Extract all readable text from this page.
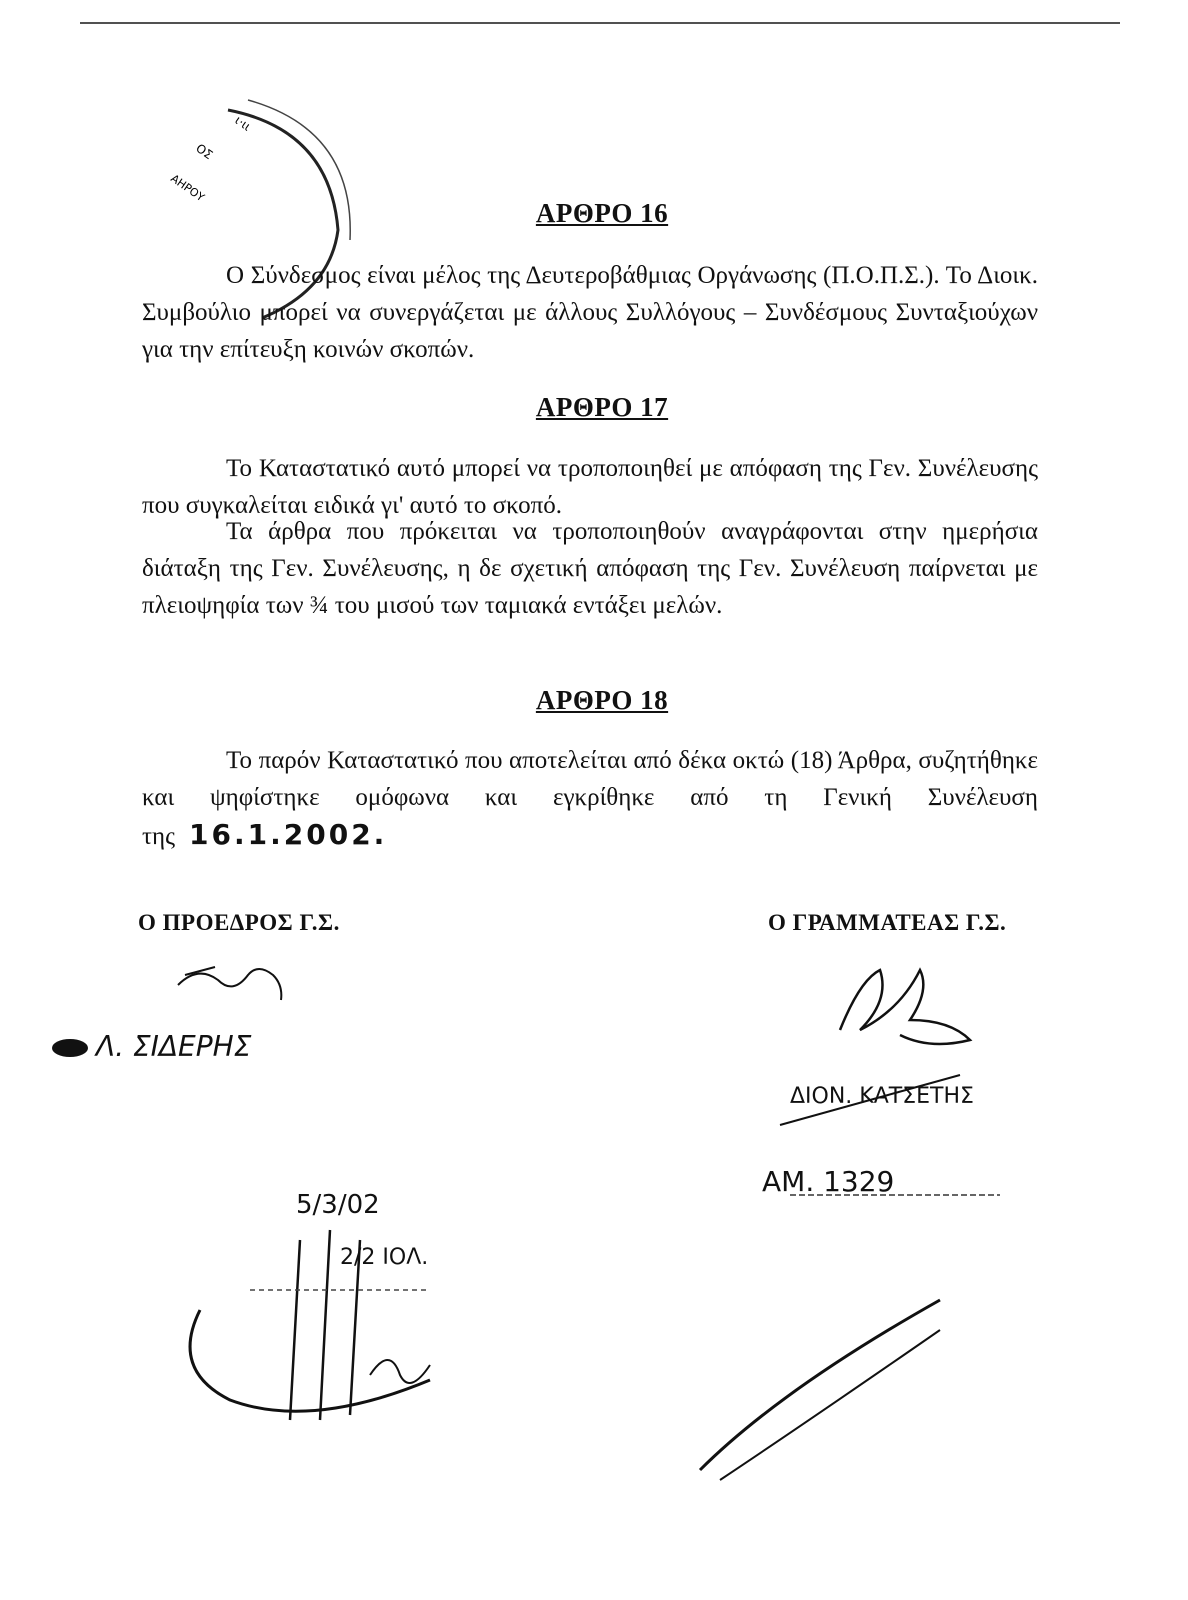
ΟΣ
ΑΗΡΟΥ
ι·ιι
ΑΡΘΡΟ 16
Ο Σύνδεσμος είναι μέλος της Δευτεροβάθμιας Οργάνωσης (Π.Ο.Π.Σ.). Το Διοικ. Συμβούλιο μπορεί να συνεργάζεται με άλλους Συλλόγους – Συνδέσμους Συνταξιούχων για την επίτευξη κοινών σκοπών.
ΑΡΘΡΟ 17
Το Καταστατικό αυτό μπορεί να τροποποιηθεί με απόφαση της Γεν. Συνέλευσης που συγκαλείται ειδικά γι' αυτό το σκοπό.
Τα άρθρα που πρόκειται να τροποποιηθούν αναγράφονται στην ημερήσια διάταξη της Γεν. Συνέλευσης, η δε σχετική απόφαση της Γεν. Συνέλευση παίρνεται με πλειοψηφία των ¾ του μισού των ταμιακά εντάξει μελών.
ΑΡΘΡΟ 18
Το παρόν Καταστατικό που αποτελείται από δέκα οκτώ (18) Άρθρα, συζητήθηκε και ψηφίστηκε ομόφωνα και εγκρίθηκε από τη Γενική Συνέλευση της 16.1.2002.
Ο ΠΡΟΕΔΡΟΣ Γ.Σ.
Λ. ΣΙΔΕΡΗΣ
Ο ΓΡΑΜΜΑΤΕΑΣ Γ.Σ.
ΔΙΟΝ. ΚΑΤΣΕΤΗΣ
ΑΜ. 1329
5/3/02
2/2 ΙΟΛ.
